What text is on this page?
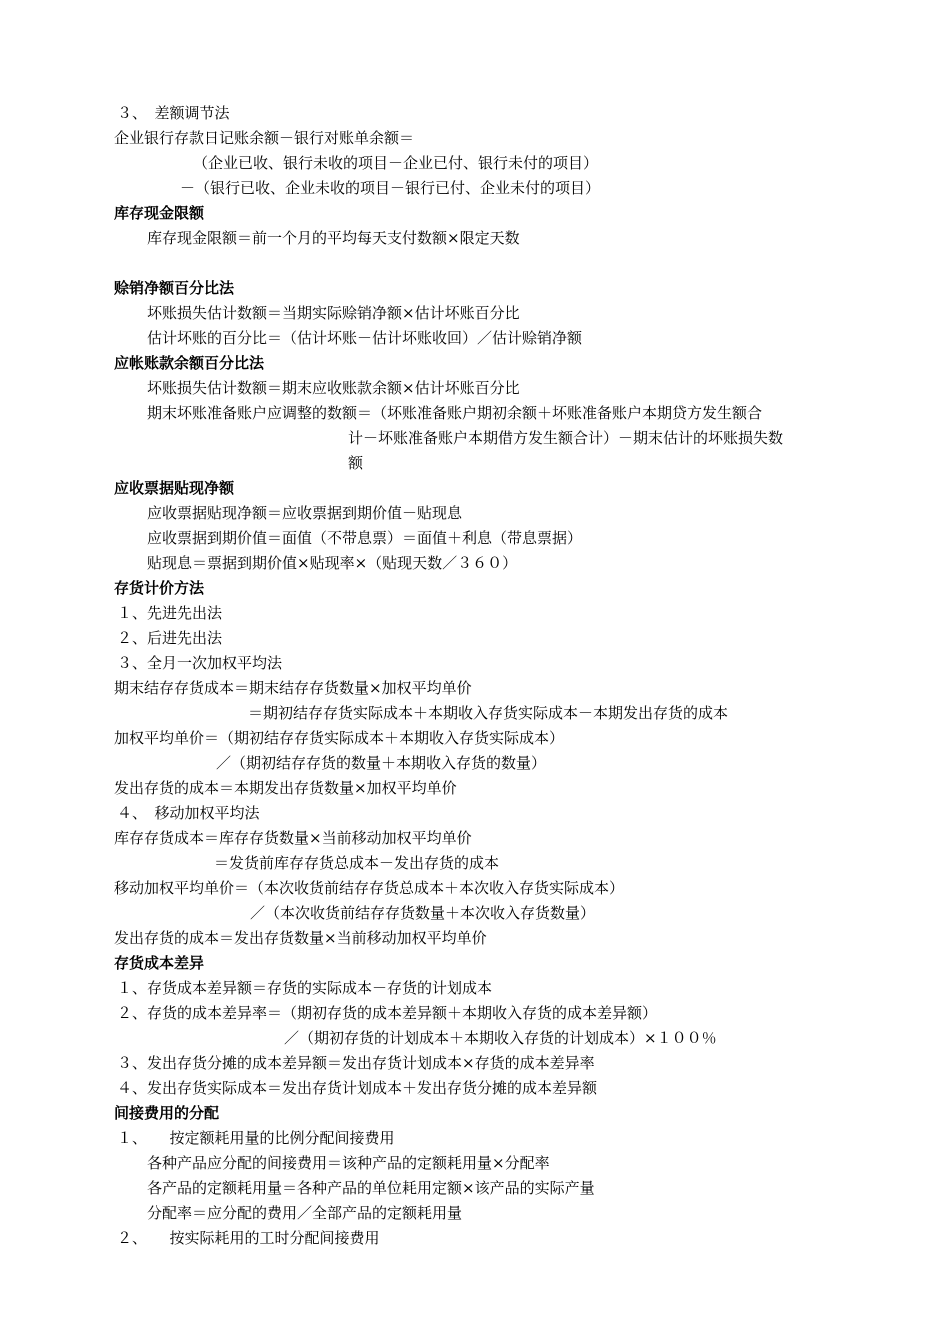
３、　差额调节法
企业银行存款日记账余额－银行对账单余额＝
（企业已收、银行未收的项目－企业已付、银行未付的项目）
－（银行已收、企业未收的项目－银行已付、企业未付的项目）
库存现金限额
库存现金限额＝前一个月的平均每天支付数额×限定天数
赊销净额百分比法
坏账损失估计数额＝当期实际赊销净额×估计坏账百分比
估计坏账的百分比＝（估计坏账－估计坏账收回）／估计赊销净额
应帐账款余额百分比法
坏账损失估计数额＝期末应收账款余额×估计坏账百分比
期末坏账准备账户应调整的数额＝（坏账准备账户期初余额＋坏账准备账户本期贷方发生额合
计－坏账准备账户本期借方发生额合计）－期末估计的坏账损失数
额
应收票据贴现净额
应收票据贴现净额＝应收票据到期价值－贴现息
应收票据到期价值＝面值（不带息票）＝面值＋利息（带息票据）
贴现息＝票据到期价值×贴现率×（贴现天数／３６０）
存货计价方法
１、先进先出法
２、后进先出法
３、全月一次加权平均法
期末结存存货成本＝期末结存存货数量×加权平均单价
＝期初结存存货实际成本＋本期收入存货实际成本－本期发出存货的成本
加权平均单价＝（期初结存存货实际成本＋本期收入存货实际成本）
／（期初结存存货的数量＋本期收入存货的数量）
发出存货的成本＝本期发出存货数量×加权平均单价
４、　移动加权平均法
库存存货成本＝库存存货数量×当前移动加权平均单价
＝发货前库存存货总成本－发出存货的成本
移动加权平均单价＝（本次收货前结存存货总成本＋本次收入存货实际成本）
／（本次收货前结存存货数量＋本次收入存货数量）
发出存货的成本＝发出存货数量×当前移动加权平均单价
存货成本差异
１、存货成本差异额＝存货的实际成本－存货的计划成本
２、存货的成本差异率＝（期初存货的成本差异额＋本期收入存货的成本差异额）
／（期初存货的计划成本＋本期收入存货的计划成本）×１００％
３、发出存货分摊的成本差异额＝发出存货计划成本×存货的成本差异率
４、发出存货实际成本＝发出存货计划成本＋发出存货分摊的成本差异额
间接费用的分配
１、　　按定额耗用量的比例分配间接费用
各种产品应分配的间接费用＝该种产品的定额耗用量×分配率
各产品的定额耗用量＝各种产品的单位耗用定额×该产品的实际产量
分配率＝应分配的费用／全部产品的定额耗用量
２、　　按实际耗用的工时分配间接费用
